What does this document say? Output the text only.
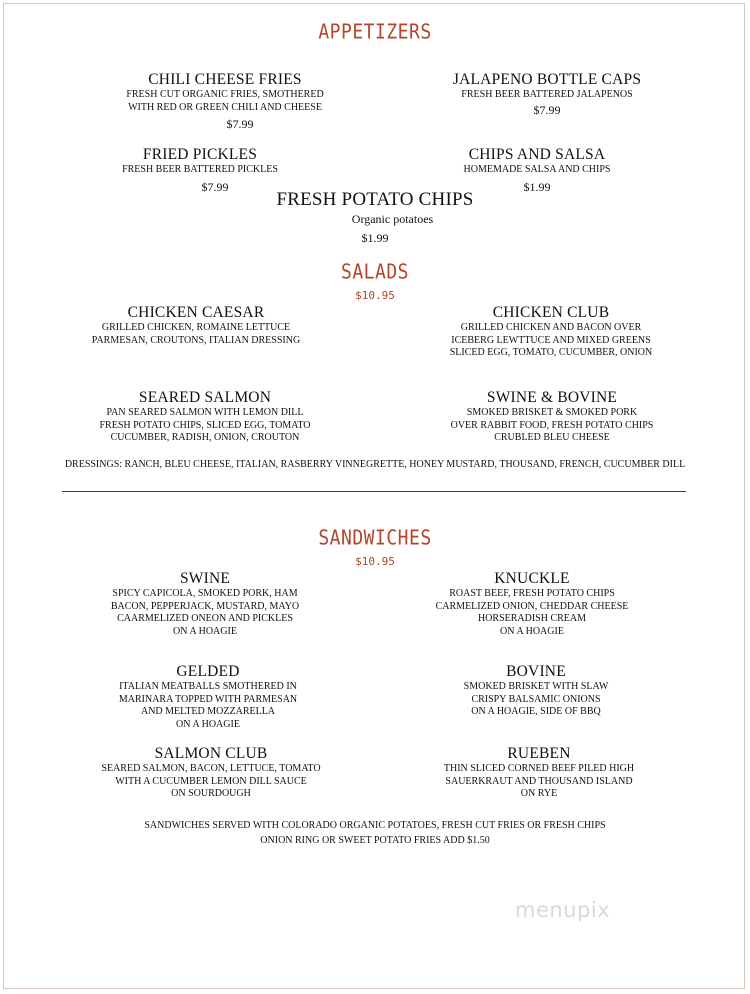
APPETIZERS
CHILI CHEESE FRIES
FRESH CUT ORGANIC FRIES, SMOTHERED
WITH RED OR GREEN CHILI AND CHEESE
$7.99
JALAPENO BOTTLE CAPS
FRESH BEER BATTERED JALAPENOS
$7.99
FRIED PICKLES
FRESH BEER BATTERED PICKLES
$7.99
CHIPS AND SALSA
HOMEMADE SALSA AND CHIPS
$1.99
FRESH POTATO CHIPS
Organic potatoes
$1.99
SALADS
$10.95
CHICKEN CAESAR
GRILLED CHICKEN, ROMAINE LETTUCE
PARMESAN, CROUTONS, ITALIAN DRESSING
CHICKEN CLUB
GRILLED CHICKEN AND BACON OVER
ICEBERG LEWTTUCE AND MIXED GREENS
SLICED EGG, TOMATO, CUCUMBER, ONION
SEARED SALMON
PAN SEARED SALMON WITH LEMON DILL
FRESH POTATO CHIPS, SLICED EGG, TOMATO
CUCUMBER, RADISH, ONION, CROUTON
SWINE & BOVINE
SMOKED BRISKET & SMOKED PORK
OVER RABBIT FOOD, FRESH POTATO CHIPS
CRUBLED BLEU CHEESE
DRESSINGS: RANCH, BLEU CHEESE, ITALIAN, RASBERRY VINNEGRETTE, HONEY MUSTARD, THOUSAND, FRENCH, CUCUMBER DILL
SANDWICHES
$10.95
SWINE
SPICY CAPICOLA, SMOKED PORK, HAM
BACON, PEPPERJACK, MUSTARD, MAYO
CAARMELIZED ONEON AND PICKLES
ON A HOAGIE
KNUCKLE
ROAST BEEF, FRESH POTATO CHIPS
CARMELIZED ONION, CHEDDAR CHEESE
HORSERADISH CREAM
ON A HOAGIE
GELDED
ITALIAN MEATBALLS SMOTHERED IN
MARINARA TOPPED WITH PARMESAN
AND MELTED MOZZARELLA
ON A HOAGIE
BOVINE
SMOKED BRISKET WITH SLAW
CRISPY BALSAMIC ONIONS
ON A HOAGIE, SIDE OF BBQ
SALMON CLUB
SEARED SALMON, BACON, LETTUCE, TOMATO
WITH A CUCUMBER LEMON DILL SAUCE
ON SOURDOUGH
RUEBEN
THIN SLICED CORNED BEEF PILED HIGH
SAUERKRAUT AND THOUSAND ISLAND
ON RYE
SANDWICHES SERVED WITH COLORADO ORGANIC POTATOES, FRESH CUT FRIES OR FRESH CHIPS
ONION RING OR SWEET POTATO FRIES ADD $1.50
menupix
